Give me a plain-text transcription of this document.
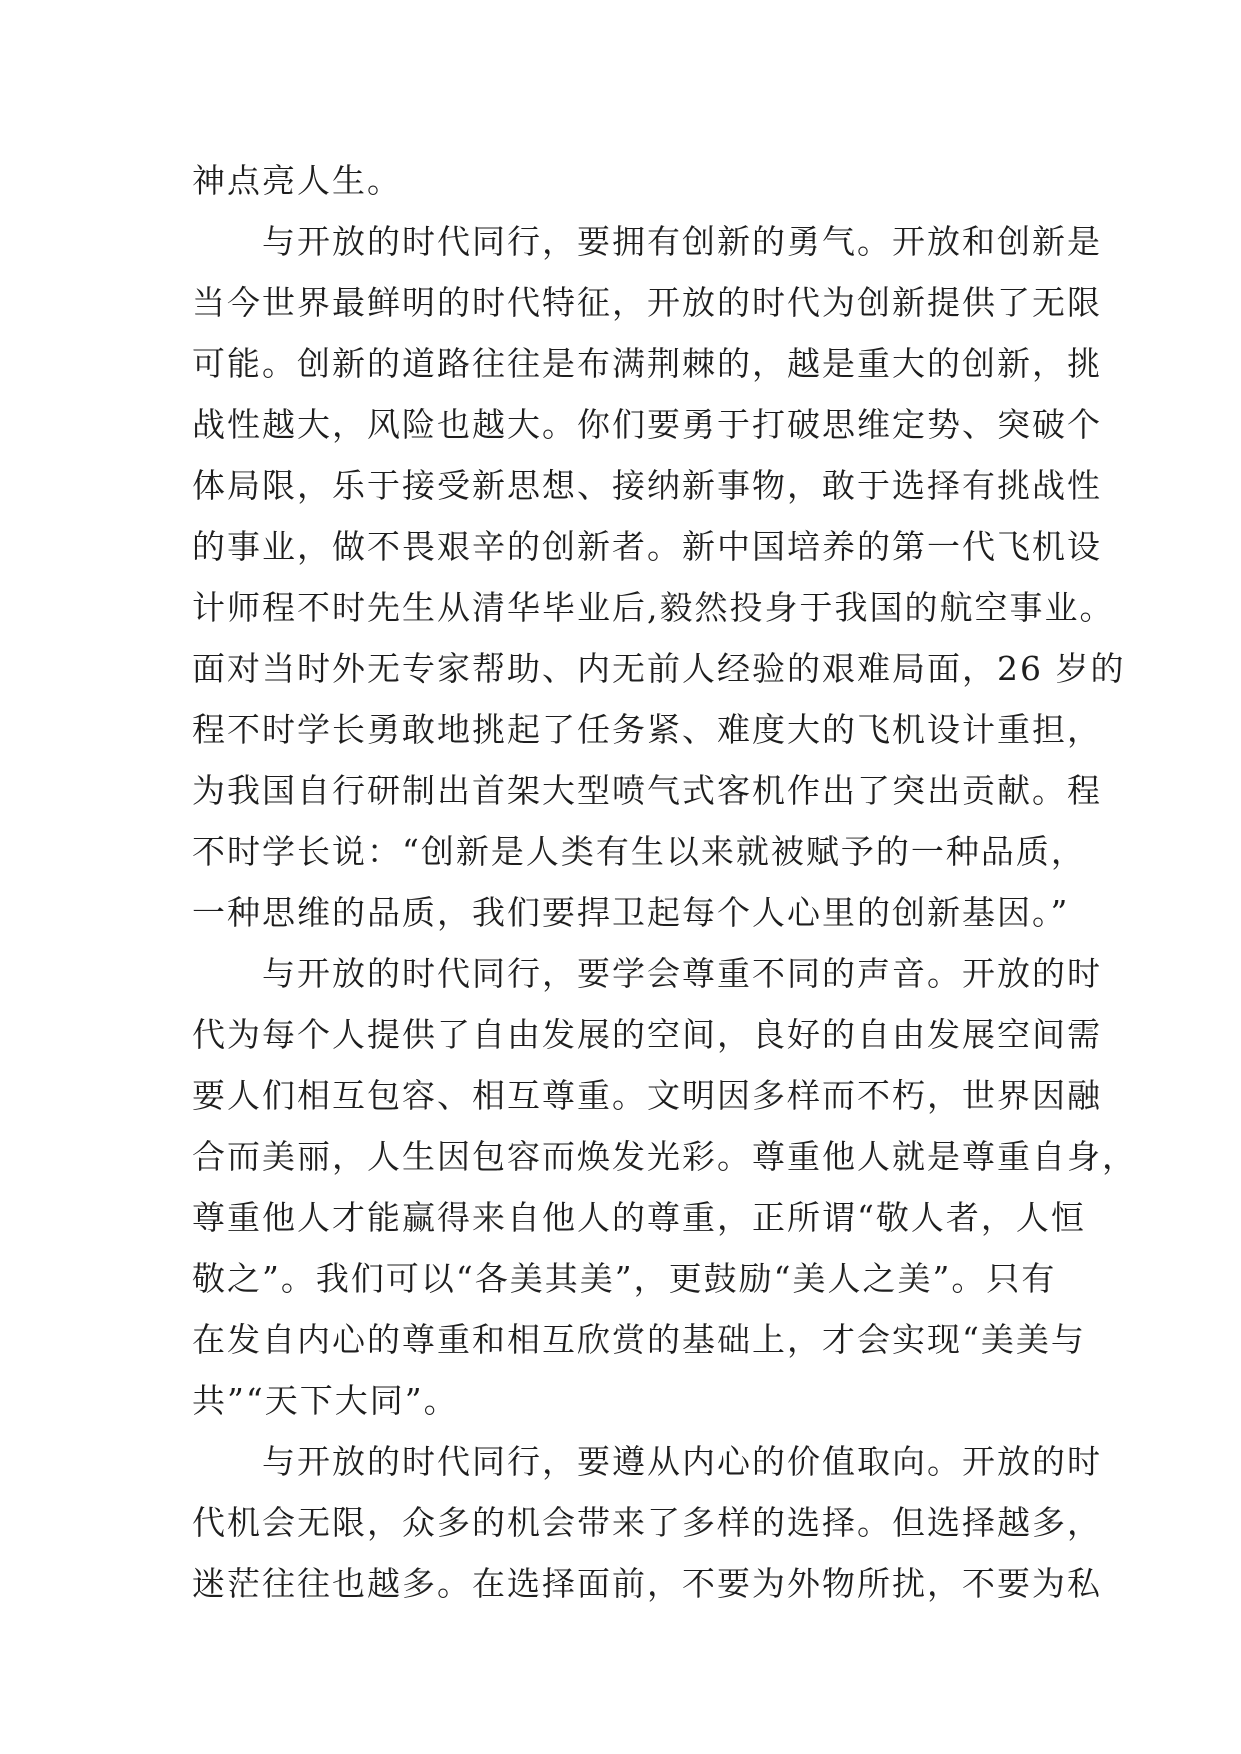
神点亮人生。
与开放的时代同行，要拥有创新的勇气。开放和创新是
当今世界最鲜明的时代特征，开放的时代为创新提供了无限
可能。创新的道路往往是布满荆棘的，越是重大的创新，挑
战性越大，风险也越大。你们要勇于打破思维定势、突破个
体局限，乐于接受新思想、接纳新事物，敢于选择有挑战性
的事业，做不畏艰辛的创新者。新中国培养的第一代飞机设
计师程不时先生从清华毕业后,毅然投身于我国的航空事业。
面对当时外无专家帮助、内无前人经验的艰难局面，26 岁的
程不时学长勇敢地挑起了任务紧、难度大的飞机设计重担，
为我国自行研制出首架大型喷气式客机作出了突出贡献。程
不时学长说：“创新是人类有生以来就被赋予的一种品质，
一种思维的品质，我们要捍卫起每个人心里的创新基因。”
与开放的时代同行，要学会尊重不同的声音。开放的时
代为每个人提供了自由发展的空间，良好的自由发展空间需
要人们相互包容、相互尊重。文明因多样而不朽，世界因融
合而美丽，人生因包容而焕发光彩。尊重他人就是尊重自身，
尊重他人才能赢得来自他人的尊重，正所谓“敬人者，人恒
敬之”。我们可以“各美其美”，更鼓励“美人之美”。只有
在发自内心的尊重和相互欣赏的基础上，才会实现“美美与
共”“天下大同”。
与开放的时代同行，要遵从内心的价值取向。开放的时
代机会无限，众多的机会带来了多样的选择。但选择越多，
迷茫往往也越多。在选择面前，不要为外物所扰，不要为私
